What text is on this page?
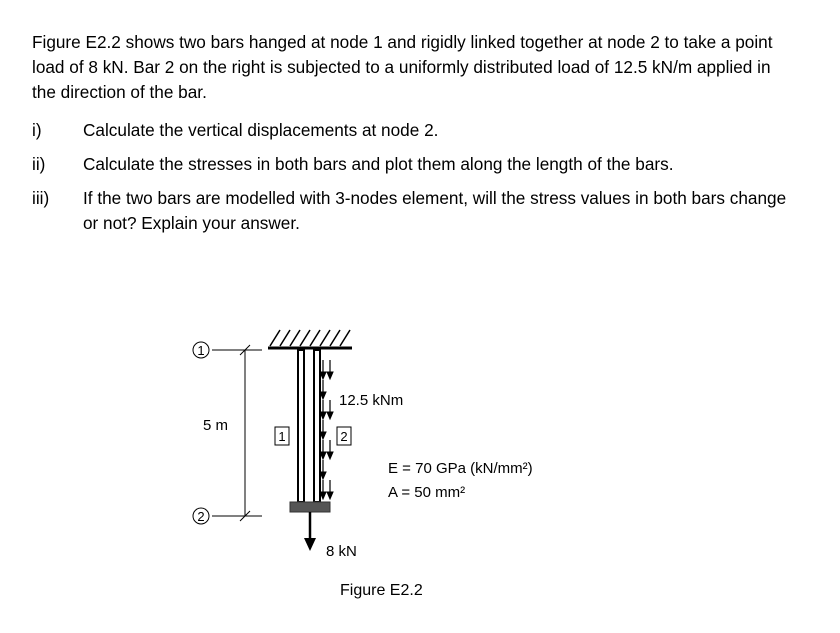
Figure E2.2 shows two bars hanged at node 1 and rigidly linked together at node 2 to take a point load of 8 kN. Bar 2 on the right is subjected to a uniformly distributed load of 12.5 kN/m applied in the direction of the bar.
i)	Calculate the vertical displacements at node 2.
ii)	Calculate the stresses in both bars and plot them along the length of the bars.
iii)	If the two bars are modelled with 3-nodes element, will the stress values in both bars change or not? Explain your answer.
1
2
5 m
1	2
12.5 kNm
8 kN
E = 70 GPa (kN/mm²)
A = 50 mm²
Figure E2.2
